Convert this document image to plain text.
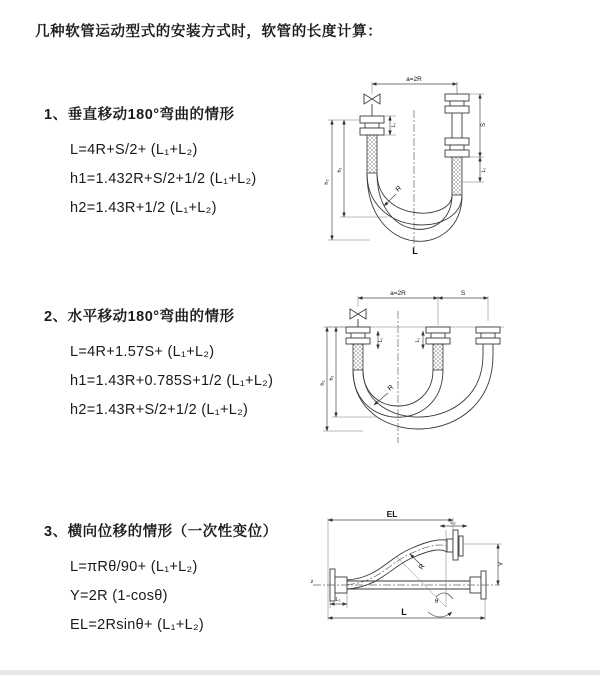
几种软管运动型式的安装方式时，软管的长度计算：
1、垂直移动180°弯曲的情形
L=4R+S/2+ (L₁+L₂)
h1=1.432R+S/2+1/2 (L₁+L₂)
h2=1.43R+1/2 (L₁+L₂)
2、水平移动180°弯曲的情形
L=4R+1.57S+ (L₁+L₂)
h1=1.43R+0.785S+1/2 (L₁+L₂)
h2=1.43R+S/2+1/2 (L₁+L₂)
3、横向位移的情形（一次性变位）
L=πRθ/90+ (L₁+L₂)
Y=2R (1-cosθ)
EL=2Rsinθ+ (L₁+L₂)
a=2R
h₂
h₁
L₁	S
L₂
R
L
a=2R	S
h₂
h₁
L₁	L₁
R
EL
L₂
z
θ
R	Y
L₁
L
